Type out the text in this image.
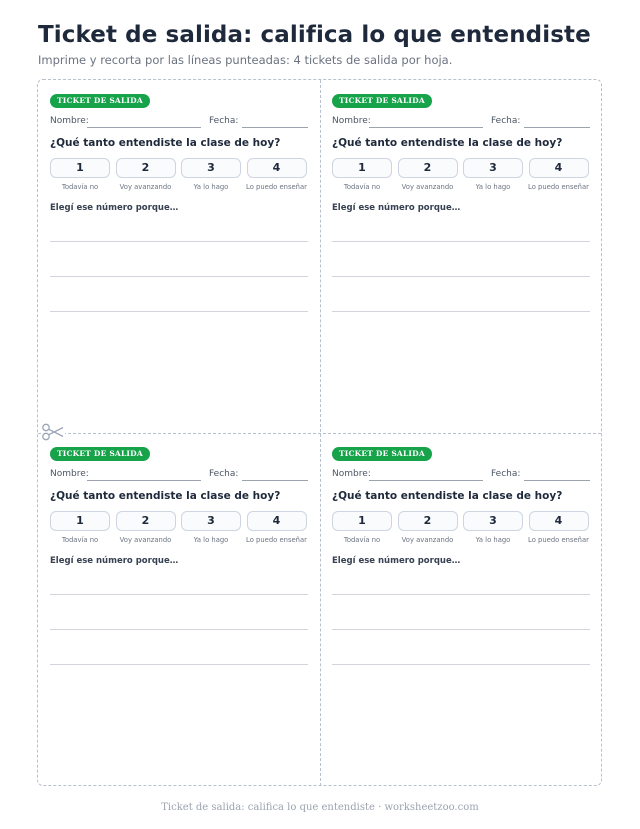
Ticket de salida: califica lo que entendiste

Imprime y recorta por las líneas punteadas: 4 tickets de salida por hoja.

TICKET DE SALIDA
Nombre:	Fecha:
¿Qué tanto entendiste la clase de hoy?
1	2	3	4
Todavía no	Voy avanzando	Ya lo hago	Lo puedo enseñar
Elegí ese número porque…
TICKET DE SALIDA
Nombre:	Fecha:
¿Qué tanto entendiste la clase de hoy?
1	2	3	4
Todavía no	Voy avanzando	Ya lo hago	Lo puedo enseñar
Elegí ese número porque…
TICKET DE SALIDA
Nombre:	Fecha:
¿Qué tanto entendiste la clase de hoy?
1	2	3	4
Todavía no	Voy avanzando	Ya lo hago	Lo puedo enseñar
Elegí ese número porque…
TICKET DE SALIDA
Nombre:	Fecha:
¿Qué tanto entendiste la clase de hoy?
1	2	3	4
Todavía no	Voy avanzando	Ya lo hago	Lo puedo enseñar
Elegí ese número porque…
Ticket de salida: califica lo que entendiste · worksheetzoo.com
